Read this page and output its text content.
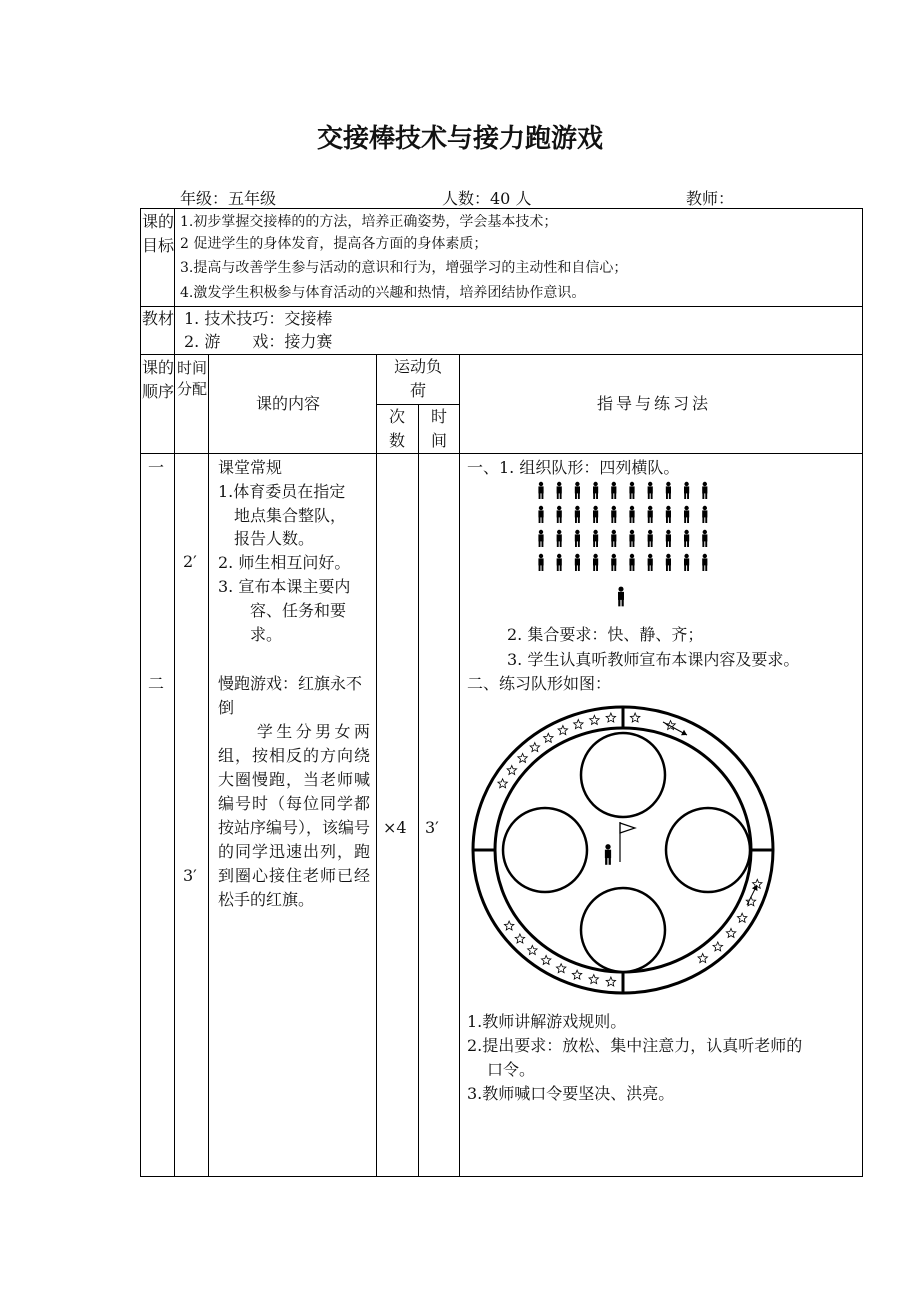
交接棒技术与接力跑游戏
年级：五年级	人数：40 人	教师：
课的目标
1.初步掌握交接棒的的方法，培养正确姿势，学会基本技术；
2 促进学生的身体发育，提高各方面的身体素质；
3.提高与改善学生参与活动的意识和行为，增强学习的主动性和自信心；
4.激发学生积极参与体育活动的兴趣和热情，培养团结协作意识。
教材 1. 技术技巧：交接棒
2. 游　　戏：接力赛
课的顺序
时间分配
课的内容
运动负荷
次数
时间
指导与练习法
一
二
2′
3′
课堂常规
1.体育委员在指定
　地点集合整队，
　报告人数。
2. 师生相互问好。
3. 宣布本课主要内
　　容、任务和要
　　求。
慢跑游戏：红旗永不倒
　　学生分男女两组，按相反的方向绕大圈慢跑，当老师喊编号时（每位同学都按站序编号），该编号的同学迅速出列，跑到圈心接住老师已经松手的红旗。
×4 3′
一、1. 组织队形：四列横队。
2. 集合要求：快、静、齐；
3. 学生认真听教师宣布本课内容及要求。
二、练习队形如图：
1.教师讲解游戏规则。
2.提出要求：放松、集中注意力，认真听老师的
口令。
3.教师喊口令要坚决、洪亮。
